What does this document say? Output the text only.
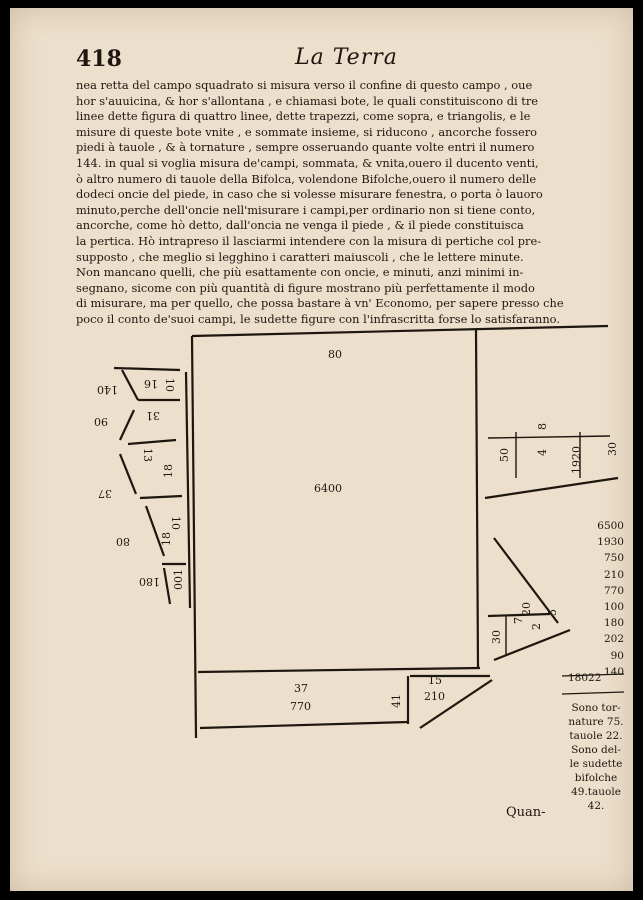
418	La Terra
nea retta del campo squadrato si misura verso il confine di questo campo , oue
hor s'auuicina, & hor s'allontana , e chiamasi bote, le quali constituiscono di tre
linee dette figura di quattro linee, dette trapezzi, come sopra, e triangolis, e le
misure di queste bote vnite , e sommate insieme, si riducono , ancorche fossero
piedi à tauole , & à tornature , sempre osseruando quante volte entri il numero
144. in qual si voglia misura de'campi, sommata, & vnita,ouero il ducento venti,
ò altro numero di tauole della Bifolca, volendone Bifolche,ouero il numero delle
dodeci oncie del piede, in caso che si volesse misurare fenestra, o porta ò lauoro
minuto,perche dell'oncie nell'misurare i campi,per ordinario non si tiene conto,
ancorche, come hò detto, dall'oncia ne venga il piede , & il piede constituisca
la pertica. Hò intrapreso il lasciarmi intendere con la misura di pertiche col pre-
supposto , che meglio si legghino i caratteri maiuscoli , che le lettere minute.
Non mancano quelli, che più esattamente con oncie, e minuti, anzi minimi in-
segnano, sicome con più quantità di figure mostrano più perfettamente il modo
di misurare, ma per quello, che possa bastare à vn' Economo, per sapere presso che
poco il conto de'suoi campi, le sudette figure con l'infrascritta forse lo satisfaranno.
80
6400
140 16 10
90	31
37
13
18
80	18
10
180 001
50 4
8
1920 30
30
7
20
2
5
37
770	41
15
210
6500
1930
750
210
770
100
180
202
90
140
18022
Sono tor-
nature 75.
tauole 22.
Sono del-
le sudette
bifolche
49.tauole
42.
Quan-
